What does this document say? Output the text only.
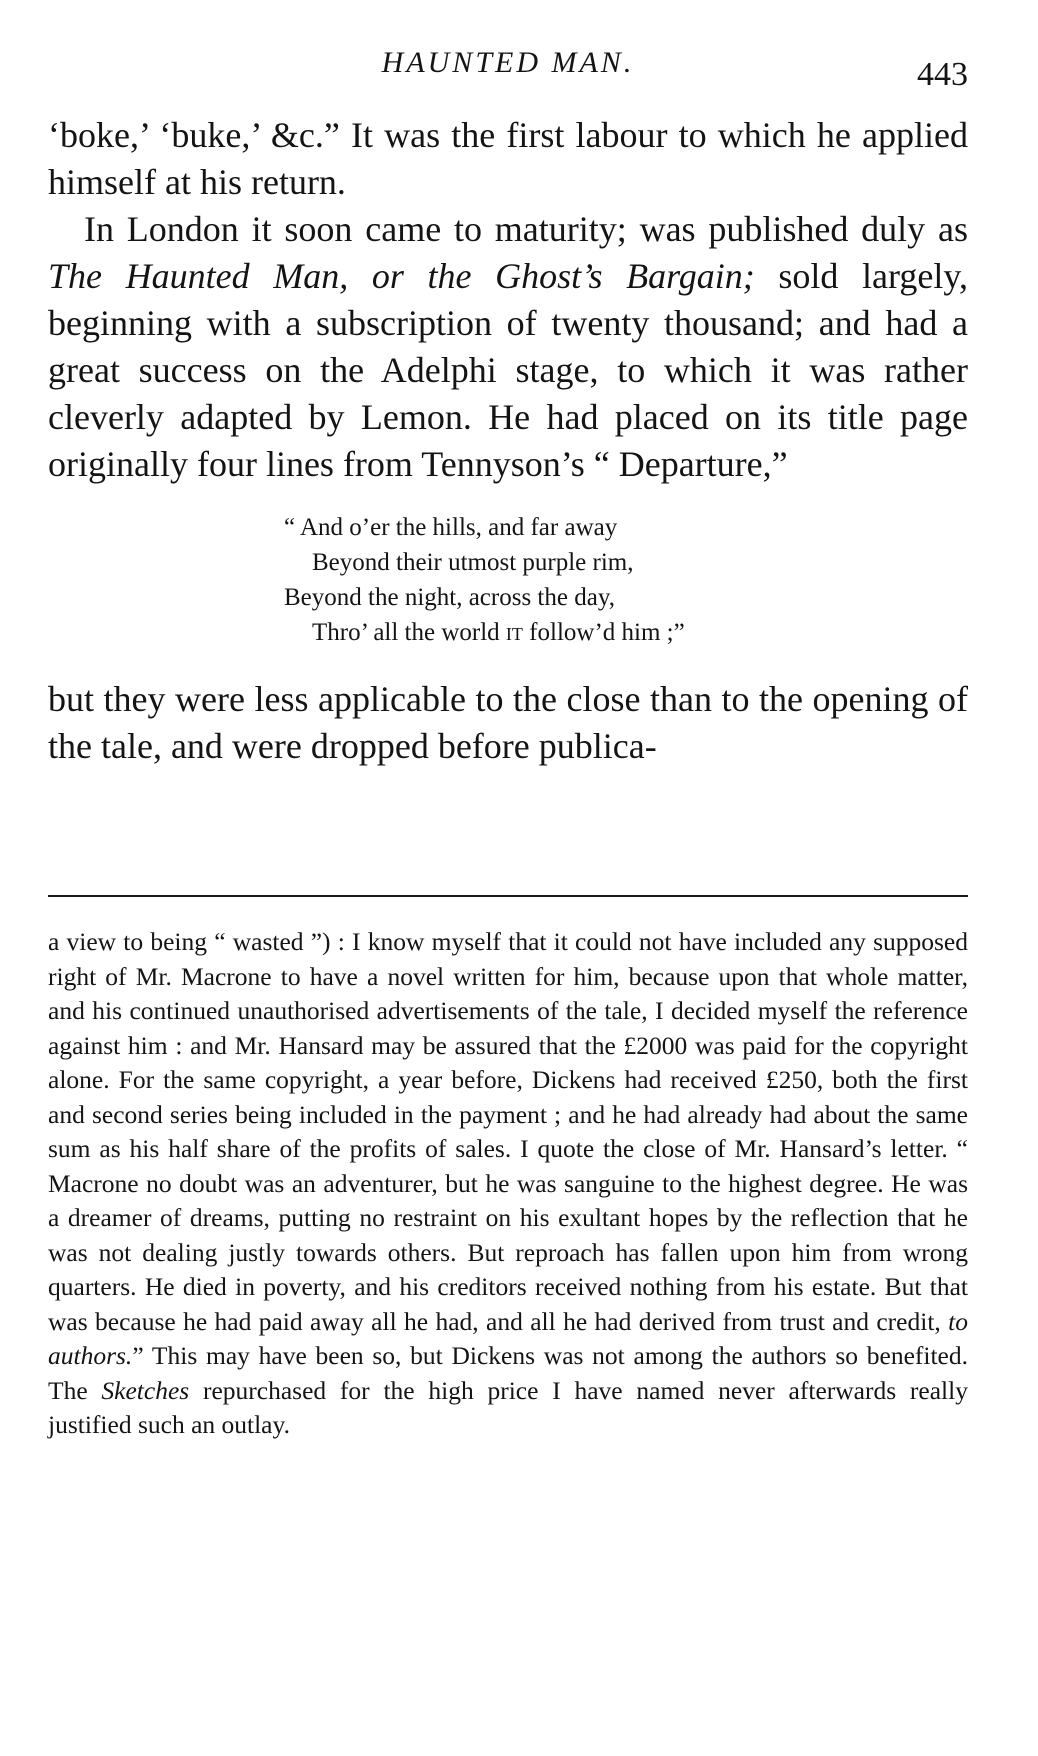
HAUNTED MAN.	443

‘boke,’ ‘buke,’ &c.” It was the first labour to which he applied himself at his return.

In London it soon came to maturity; was published duly as The Haunted Man, or the Ghost’s Bargain; sold largely, beginning with a subscription of twenty thousand; and had a great success on the Adelphi stage, to which it was rather cleverly adapted by Lemon. He had placed on its title page originally four lines from Tennyson’s “ Departure,”

“ And o’er the hills, and far away
Beyond their utmost purple rim,
Beyond the night, across the day,
Thro’ all the world it follow’d him ;”

but they were less applicable to the close than to the opening of the tale, and were dropped before publica-

a view to being “ wasted ”) : I know myself that it could not have included any supposed right of Mr. Macrone to have a novel written for him, because upon that whole matter, and his continued unauthorised advertisements of the tale, I decided myself the reference against him : and Mr. Hansard may be assured that the £2000 was paid for the copyright alone. For the same copyright, a year before, Dickens had received £250, both the first and second series being included in the payment ; and he had already had about the same sum as his half share of the profits of sales. I quote the close of Mr. Hansard’s letter. “ Macrone no doubt was an adventurer, but he was sanguine to the highest degree. He was a dreamer of dreams, putting no restraint on his exultant hopes by the reflection that he was not dealing justly towards others. But reproach has fallen upon him from wrong quarters. He died in poverty, and his creditors received nothing from his estate. But that was because he had paid away all he had, and all he had derived from trust and credit, to authors.” This may have been so, but Dickens was not among the authors so benefited. The Sketches repurchased for the high price I have named never afterwards really justified such an outlay.
